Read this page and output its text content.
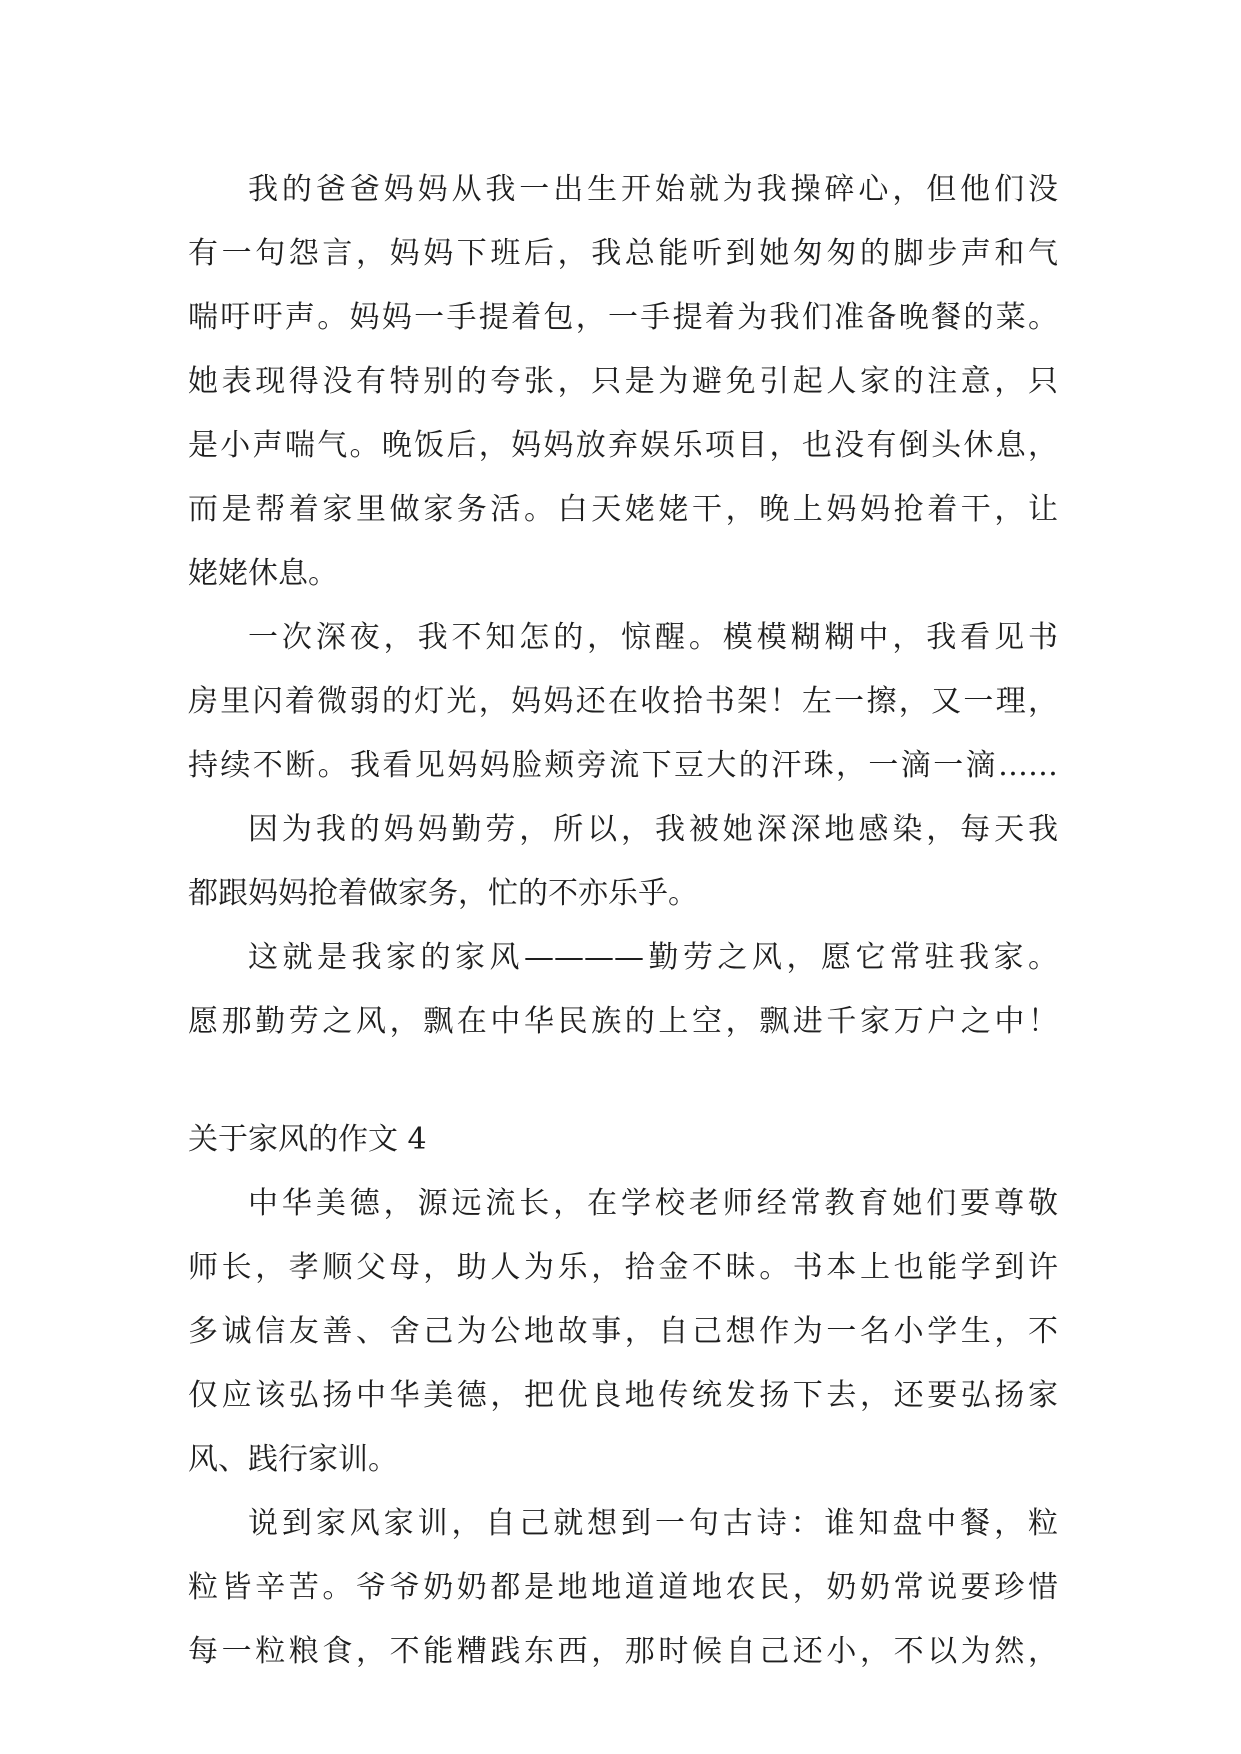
我的爸爸妈妈从我一出生开始就为我操碎心，但他们没
有一句怨言，妈妈下班后，我总能听到她匆匆的脚步声和气
喘吁吁声。妈妈一手提着包，一手提着为我们准备晚餐的菜。
她表现得没有特别的夸张，只是为避免引起人家的注意，只
是小声喘气。晚饭后，妈妈放弃娱乐项目，也没有倒头休息，
而是帮着家里做家务活。白天姥姥干，晚上妈妈抢着干，让
姥姥休息。
一次深夜，我不知怎的，惊醒。模模糊糊中，我看见书
房里闪着微弱的灯光，妈妈还在收拾书架！左一擦，又一理，
持续不断。我看见妈妈脸颊旁流下豆大的汗珠，一滴一滴……
因为我的妈妈勤劳，所以，我被她深深地感染，每天我
都跟妈妈抢着做家务，忙的不亦乐乎。
这就是我家的家风————勤劳之风，愿它常驻我家。
愿那勤劳之风，飘在中华民族的上空，飘进千家万户之中！
关于家风的作文 4
中华美德，源远流长，在学校老师经常教育她们要尊敬
师长，孝顺父母，助人为乐，拾金不昧。书本上也能学到许
多诚信友善、舍己为公地故事，自己想作为一名小学生，不
仅应该弘扬中华美德，把优良地传统发扬下去，还要弘扬家
风、践行家训。
说到家风家训，自己就想到一句古诗：谁知盘中餐，粒
粒皆辛苦。爷爷奶奶都是地地道道地农民，奶奶常说要珍惜
每一粒粮食，不能糟践东西，那时候自己还小，不以为然，
